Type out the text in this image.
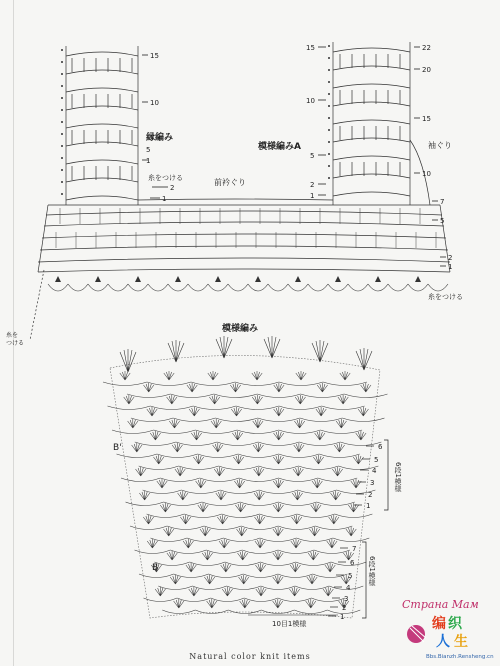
縁編み
模様編みA
前衿ぐり
袖ぐり
糸をつける
糸をつける
15
10
5
1
2
1
15
10
5
2
1
22
20
15
10
7
5
2
1
糸を
つける
模様編み
B'
B
6
5
4
3
2
1
6段1模様
7
6
5
4
3
2
1
6段1模様
10目1模様
Natural color knit items
Страна Мам
编 织
人 生
Bbs.Bianzh.Rensheng.cn
